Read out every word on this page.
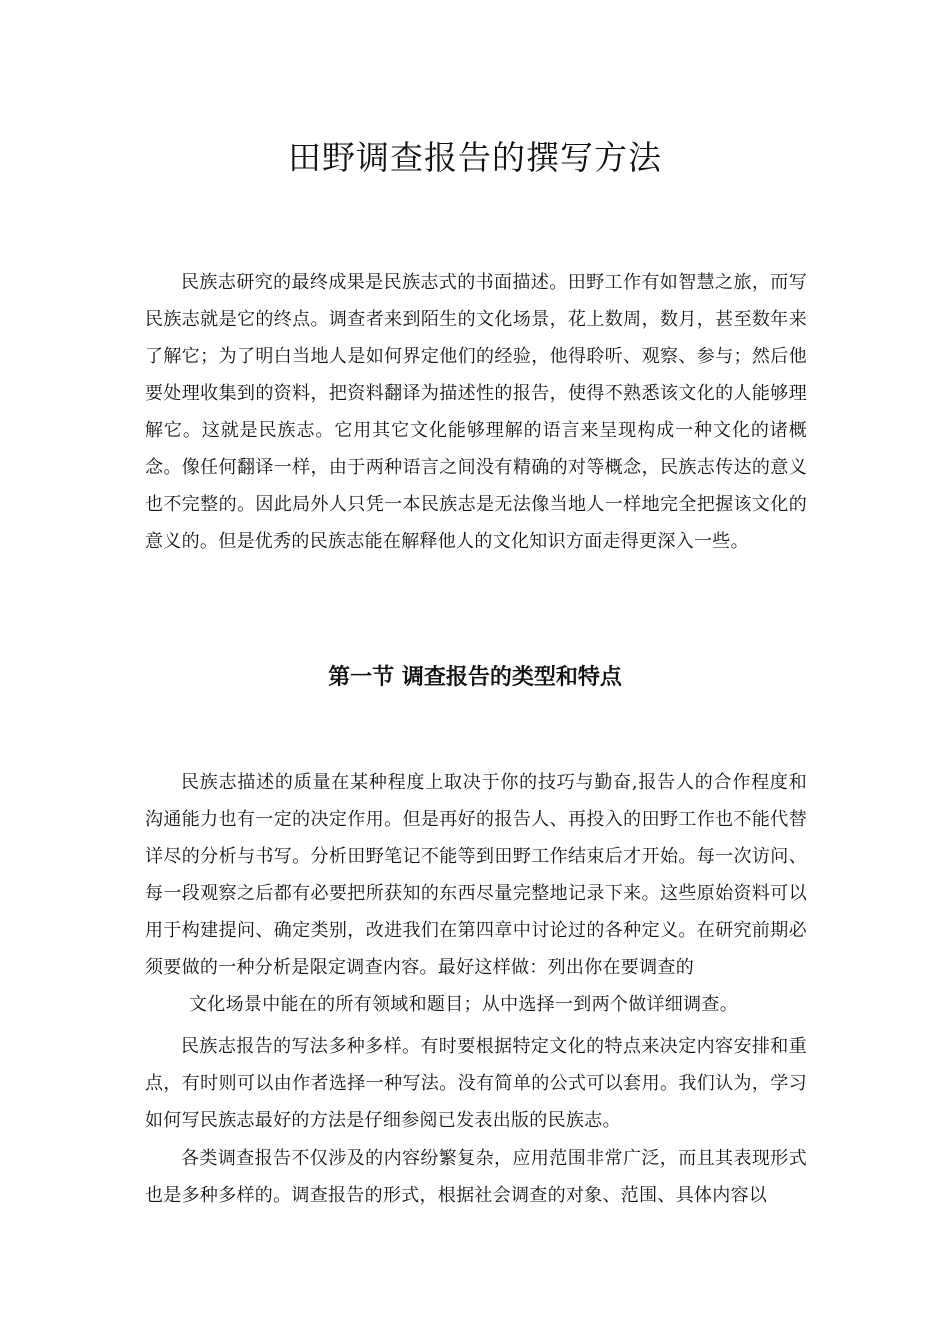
田野调查报告的撰写方法

民族志研究的最终成果是民族志式的书面描述。田野工作有如智慧之旅，而写民族志就是它的终点。调查者来到陌生的文化场景，花上数周，数月，甚至数年来了解它；为了明白当地人是如何界定他们的经验，他得聆听、观察、参与；然后他要处理收集到的资料，把资料翻译为描述性的报告，使得不熟悉该文化的人能够理解它。这就是民族志。它用其它文化能够理解的语言来呈现构成一种文化的诸概念。像任何翻译一样，由于两种语言之间没有精确的对等概念，民族志传达的意义也不完整的。因此局外人只凭一本民族志是无法像当地人一样地完全把握该文化的意义的。但是优秀的民族志能在解释他人的文化知识方面走得更深入一些。

第一节 调查报告的类型和特点

民族志描述的质量在某种程度上取决于你的技巧与勤奋,报告人的合作程度和沟通能力也有一定的决定作用。但是再好的报告人、再投入的田野工作也不能代替详尽的分析与书写。分析田野笔记不能等到田野工作结束后才开始。每一次访问、每一段观察之后都有必要把所获知的东西尽量完整地记录下来。这些原始资料可以用于构建提问、确定类别，改进我们在第四章中讨论过的各种定义。在研究前期必须要做的一种分析是限定调查内容。最好这样做：列出你在要调查的

文化场景中能在的所有领域和题目；从中选择一到两个做详细调查。

民族志报告的写法多种多样。有时要根据特定文化的特点来决定内容安排和重点，有时则可以由作者选择一种写法。没有简单的公式可以套用。我们认为，学习如何写民族志最好的方法是仔细参阅已发表出版的民族志。

各类调查报告不仅涉及的内容纷繁复杂，应用范围非常广泛，而且其表现形式也是多种多样的。调查报告的形式，根据社会调查的对象、范围、具体内容以
